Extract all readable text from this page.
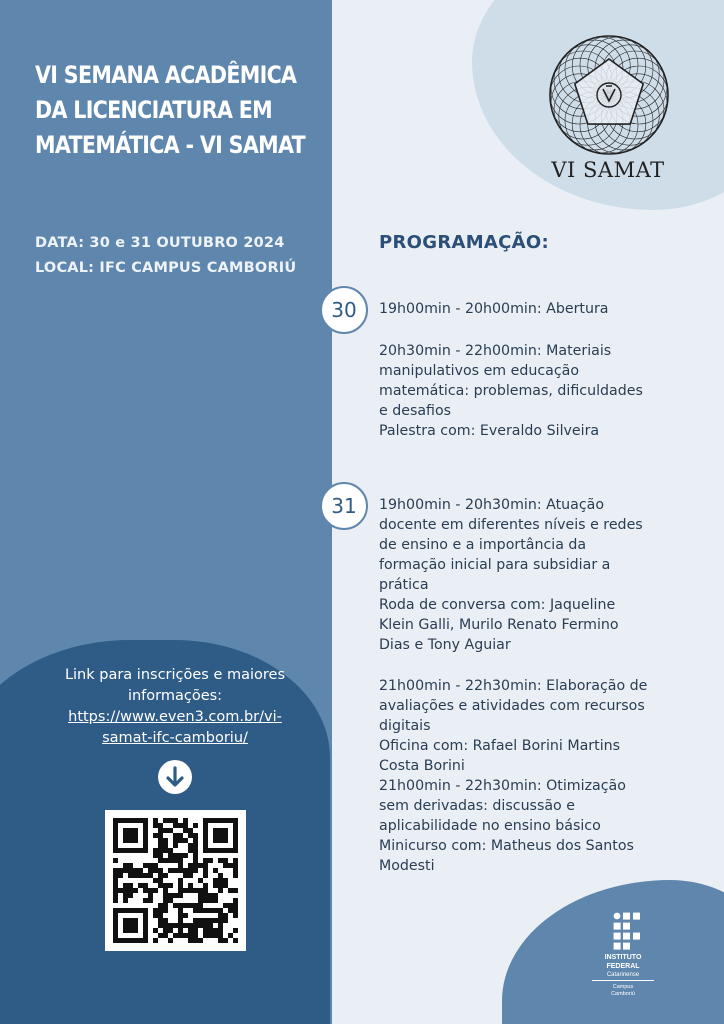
VI SEMANA ACADÊMICA
DA LICENCIATURA EM
MATEMÁTICA - VI SAMAT
DATA: 30 e 31 OUTUBRO 2024
LOCAL: IFC CAMPUS CAMBORIÚ
Link para inscrições e maiores
informações:
https://www.even3.com.br/vi-
samat-ifc-camboriu/
VI SAMAT
PROGRAMAÇÃO:
30
31
19h00min - 20h00min: Abertura
20h30min - 22h00min: Materiais
manipulativos em educação
matemática: problemas, dificuldades
e desafios
Palestra com: Everaldo Silveira
19h00min - 20h30min: Atuação
docente em diferentes níveis e redes
de ensino e a importância da
formação inicial para subsidiar a
prática
Roda de conversa com: Jaqueline
Klein Galli, Murilo Renato Fermino
Dias e Tony Aguiar
21h00min - 22h30min: Elaboração de
avaliações e atividades com recursos
digitais
Oficina com: Rafael Borini Martins
Costa Borini
21h00min - 22h30min: Otimização
sem derivadas: discussão e
aplicabilidade no ensino básico
Minicurso com: Matheus dos Santos
Modesti
INSTITUTO
FEDERAL
Catarinense
Campus
Camboriú
